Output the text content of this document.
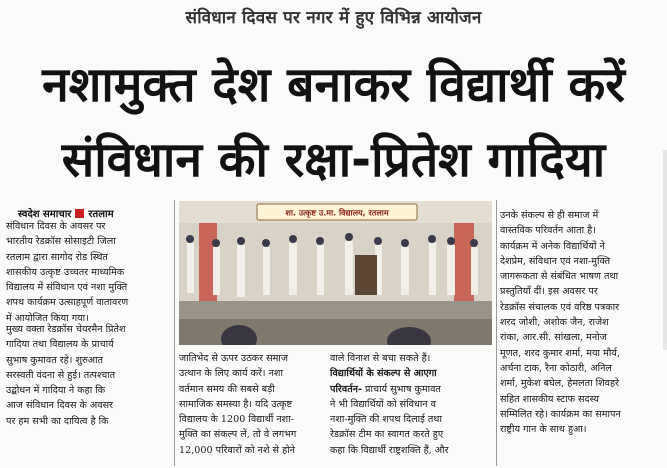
संविधान दिवस पर नगर में हुए विभिन्न आयोजन
नशामुक्त देश बनाकर विद्यार्थी करें
संविधान की रक्षा-प्रितेश गादिया
स्वदेश समाचार रतलाम

संविधान दिवस के अवसर पर

भारतीय रेडक्रॉस सोसाइटी जिला

रतलाम द्वारा सागोद रोड स्थित

शासकीय उत्कृष्ट उच्चतर माध्यमिक

विद्यालय में संविधान एवं नशा मुक्ति

शपथ कार्यक्रम उत्साहपूर्ण वातावरण

में आयोजित किया गया।

मुख्य वक्ता रेडक्रॉस चेयरमैन प्रितेश

गादिया तथा विद्यालय के प्राचार्य

सुभाष कुमावत रहे। शुरुआत

सरस्वती वंदना से हुई। तत्पश्चात

उद्बोधन में गादिया ने कहा कि

आज संविधान दिवस के अवसर

पर हम सभी का दायित्व है कि

शा. उत्कृष्ट उ.मा. विद्यालय, रतलाम

जातिभेद से ऊपर उठकर समाज

उत्थान के लिए कार्य करें। नशा

वर्तमान समय की सबसे बड़ी

सामाजिक समस्या है। यदि उत्कृष्ट

विद्यालय के 1200 विद्यार्थी नशा-

मुक्ति का संकल्प लें, तो वे लगभग

12,000 परिवारों को नशे से होने

वाले विनाश से बचा सकते हैं।

विद्यार्थियों के संकल्प से आएगा

परिवर्तन- प्राचार्य सुभाष कुमावत

ने भी विद्यार्थियों को संविधान व

नशा-मुक्ति की शपथ दिलाई तथा

रेडक्रॉस टीम का स्वागत करते हुए

कहा कि विद्यार्थी राष्ट्रशक्ति हैं, और

उनके संकल्प से ही समाज में

वास्तविक परिवर्तन आता है।

कार्यक्रम में अनेक विद्यार्थियों ने

देशप्रेम, संविधान एवं नशा-मुक्ति

जागरूकता से संबंधित भाषण तथा

प्रस्तुतियाँ दीं। इस अवसर पर

रेडक्रॉस संचालक एवं वरिष्ठ पत्रकार

शरद जोशी, अशोक जैन, राजेश

रांका, आर.सी. सांखला, मनोज

मूणत, शरद कुमार शर्मा, मया मौर्य,

अर्चना टाक, रैना कोठारी, अनिल

शर्मा, मुकेश बघेल, हेमलता शिवहरे

सहित शासकीय स्टाफ सदस्य

सम्मिलित रहे। कार्यक्रम का समापन

राष्ट्रीय गान के साथ हुआ।
